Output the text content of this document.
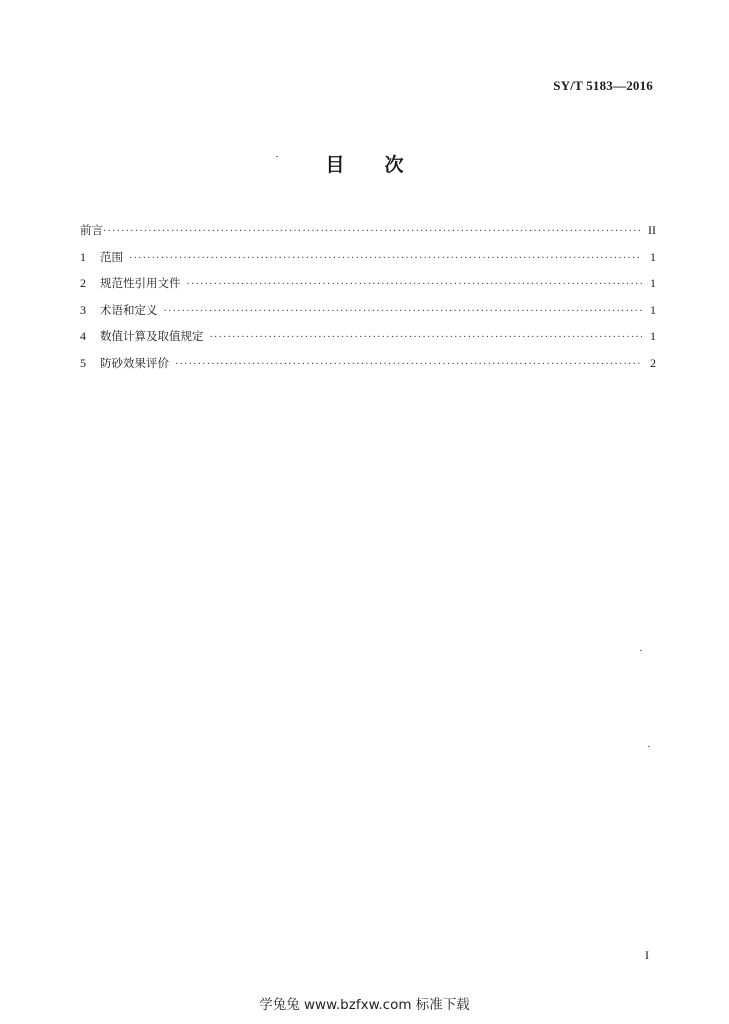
SY/T 5183—2016
目 次
前言 ·····	II
1	范围 ·····	1
2	规范性引用文件 ·····	1
3	术语和定义 ·····	1
4	数值计算及取值规定 ·····	1
5	防砂效果评价 ·····	2
I
学兔兔 www.bzfxw.com 标准下载
